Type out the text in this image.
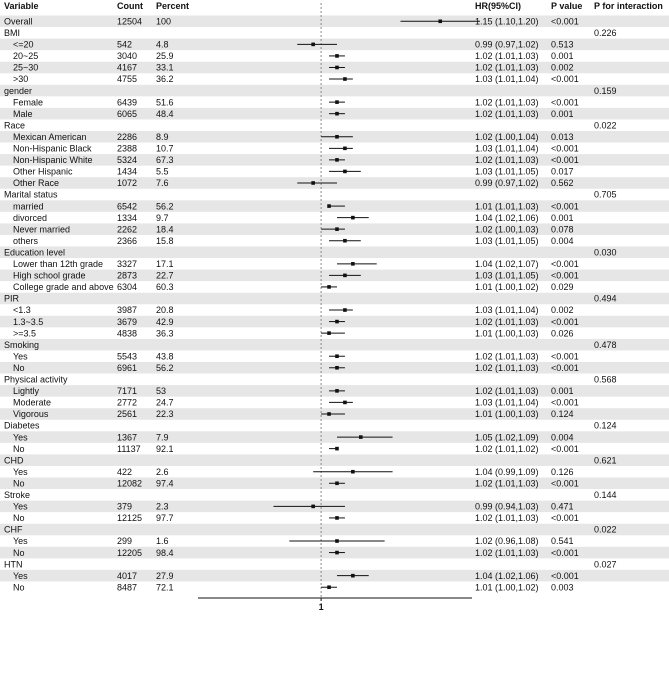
Variable	Count Percent	HR(95%CI)	P value P for interaction
Overall	12504 100	1.15 (1.10,1.20) <0.001
BMI	0.226
<=20	542	4.8	0.99 (0.97,1.02) 0.513
20~25	3040 25.9	1.02 (1.01,1.03) 0.001
25~30	4167 33.1	1.02 (1.01,1.03) 0.002
>30	4755 36.2	1.03 (1.01,1.04) <0.001
gender	0.159
Female	6439 51.6	1.02 (1.01,1.03) <0.001
Male	6065 48.4	1.02 (1.01,1.03) 0.001
Race	0.022
Mexican American	2286 8.9	1.02 (1.00,1.04) 0.013
Non-Hispanic Black	2388 10.7	1.03 (1.01,1.04) <0.001
Non-Hispanic White	5324 67.3	1.02 (1.01,1.03) <0.001
Other Hispanic	1434 5.5	1.03 (1.01,1.05) 0.017
Other Race	1072 7.6	0.99 (0.97,1.02) 0.562
Marital status	0.705
married	6542 56.2	1.01 (1.01,1.03) <0.001
divorced	1334 9.7	1.04 (1.02,1.06) 0.001
Never married	2262 18.4	1.02 (1.00,1.03) 0.078
others	2366 15.8	1.03 (1.01,1.05) 0.004
Education level	0.030
Lower than 12th grade 3327 17.1	1.04 (1.02,1.07) <0.001
High school grade	2873 22.7	1.03 (1.01,1.05) <0.001
College grade and above 6304 60.3	1.01 (1.00,1.02) 0.029
PIR	0.494
<1.3	3987 20.8	1.03 (1.01,1.04) 0.002
1.3~3.5	3679 42.9	1.02 (1.01,1.03) <0.001
>=3.5	4838 36.3	1.01 (1.00,1.03) 0.026
Smoking	0.478
Yes	5543 43.8	1.02 (1.01,1.03) <0.001
No	6961 56.2	1.02 (1.01,1.03) <0.001
Physical activity	0.568
Lightly	7171 53	1.02 (1.01,1.03) 0.001
Moderate	2772 24.7	1.03 (1.01,1.04) <0.001
Vigorous	2561 22.3	1.01 (1.00,1.03) 0.124
Diabetes	0.124
Yes	1367 7.9	1.05 (1.02,1.09) 0.004
No	11137 92.1	1.02 (1.01,1.02) <0.001
CHD	0.621
Yes	422	2.6	1.04 (0.99,1.09) 0.126
No	12082 97.4	1.02 (1.01,1.03) <0.001
Stroke	0.144
Yes	379	2.3	0.99 (0.94,1.03) 0.471
No	12125 97.7	1.02 (1.01,1.03) <0.001
CHF	0.022
Yes	299	1.6	1.02 (0.96,1.08) 0.541
No	12205 98.4	1.02 (1.01,1.03) <0.001
HTN	0.027
Yes	4017 27.9	1.04 (1.02,1.06) <0.001
No	8487 72.1	1.01 (1.00,1.02) 0.003
1
